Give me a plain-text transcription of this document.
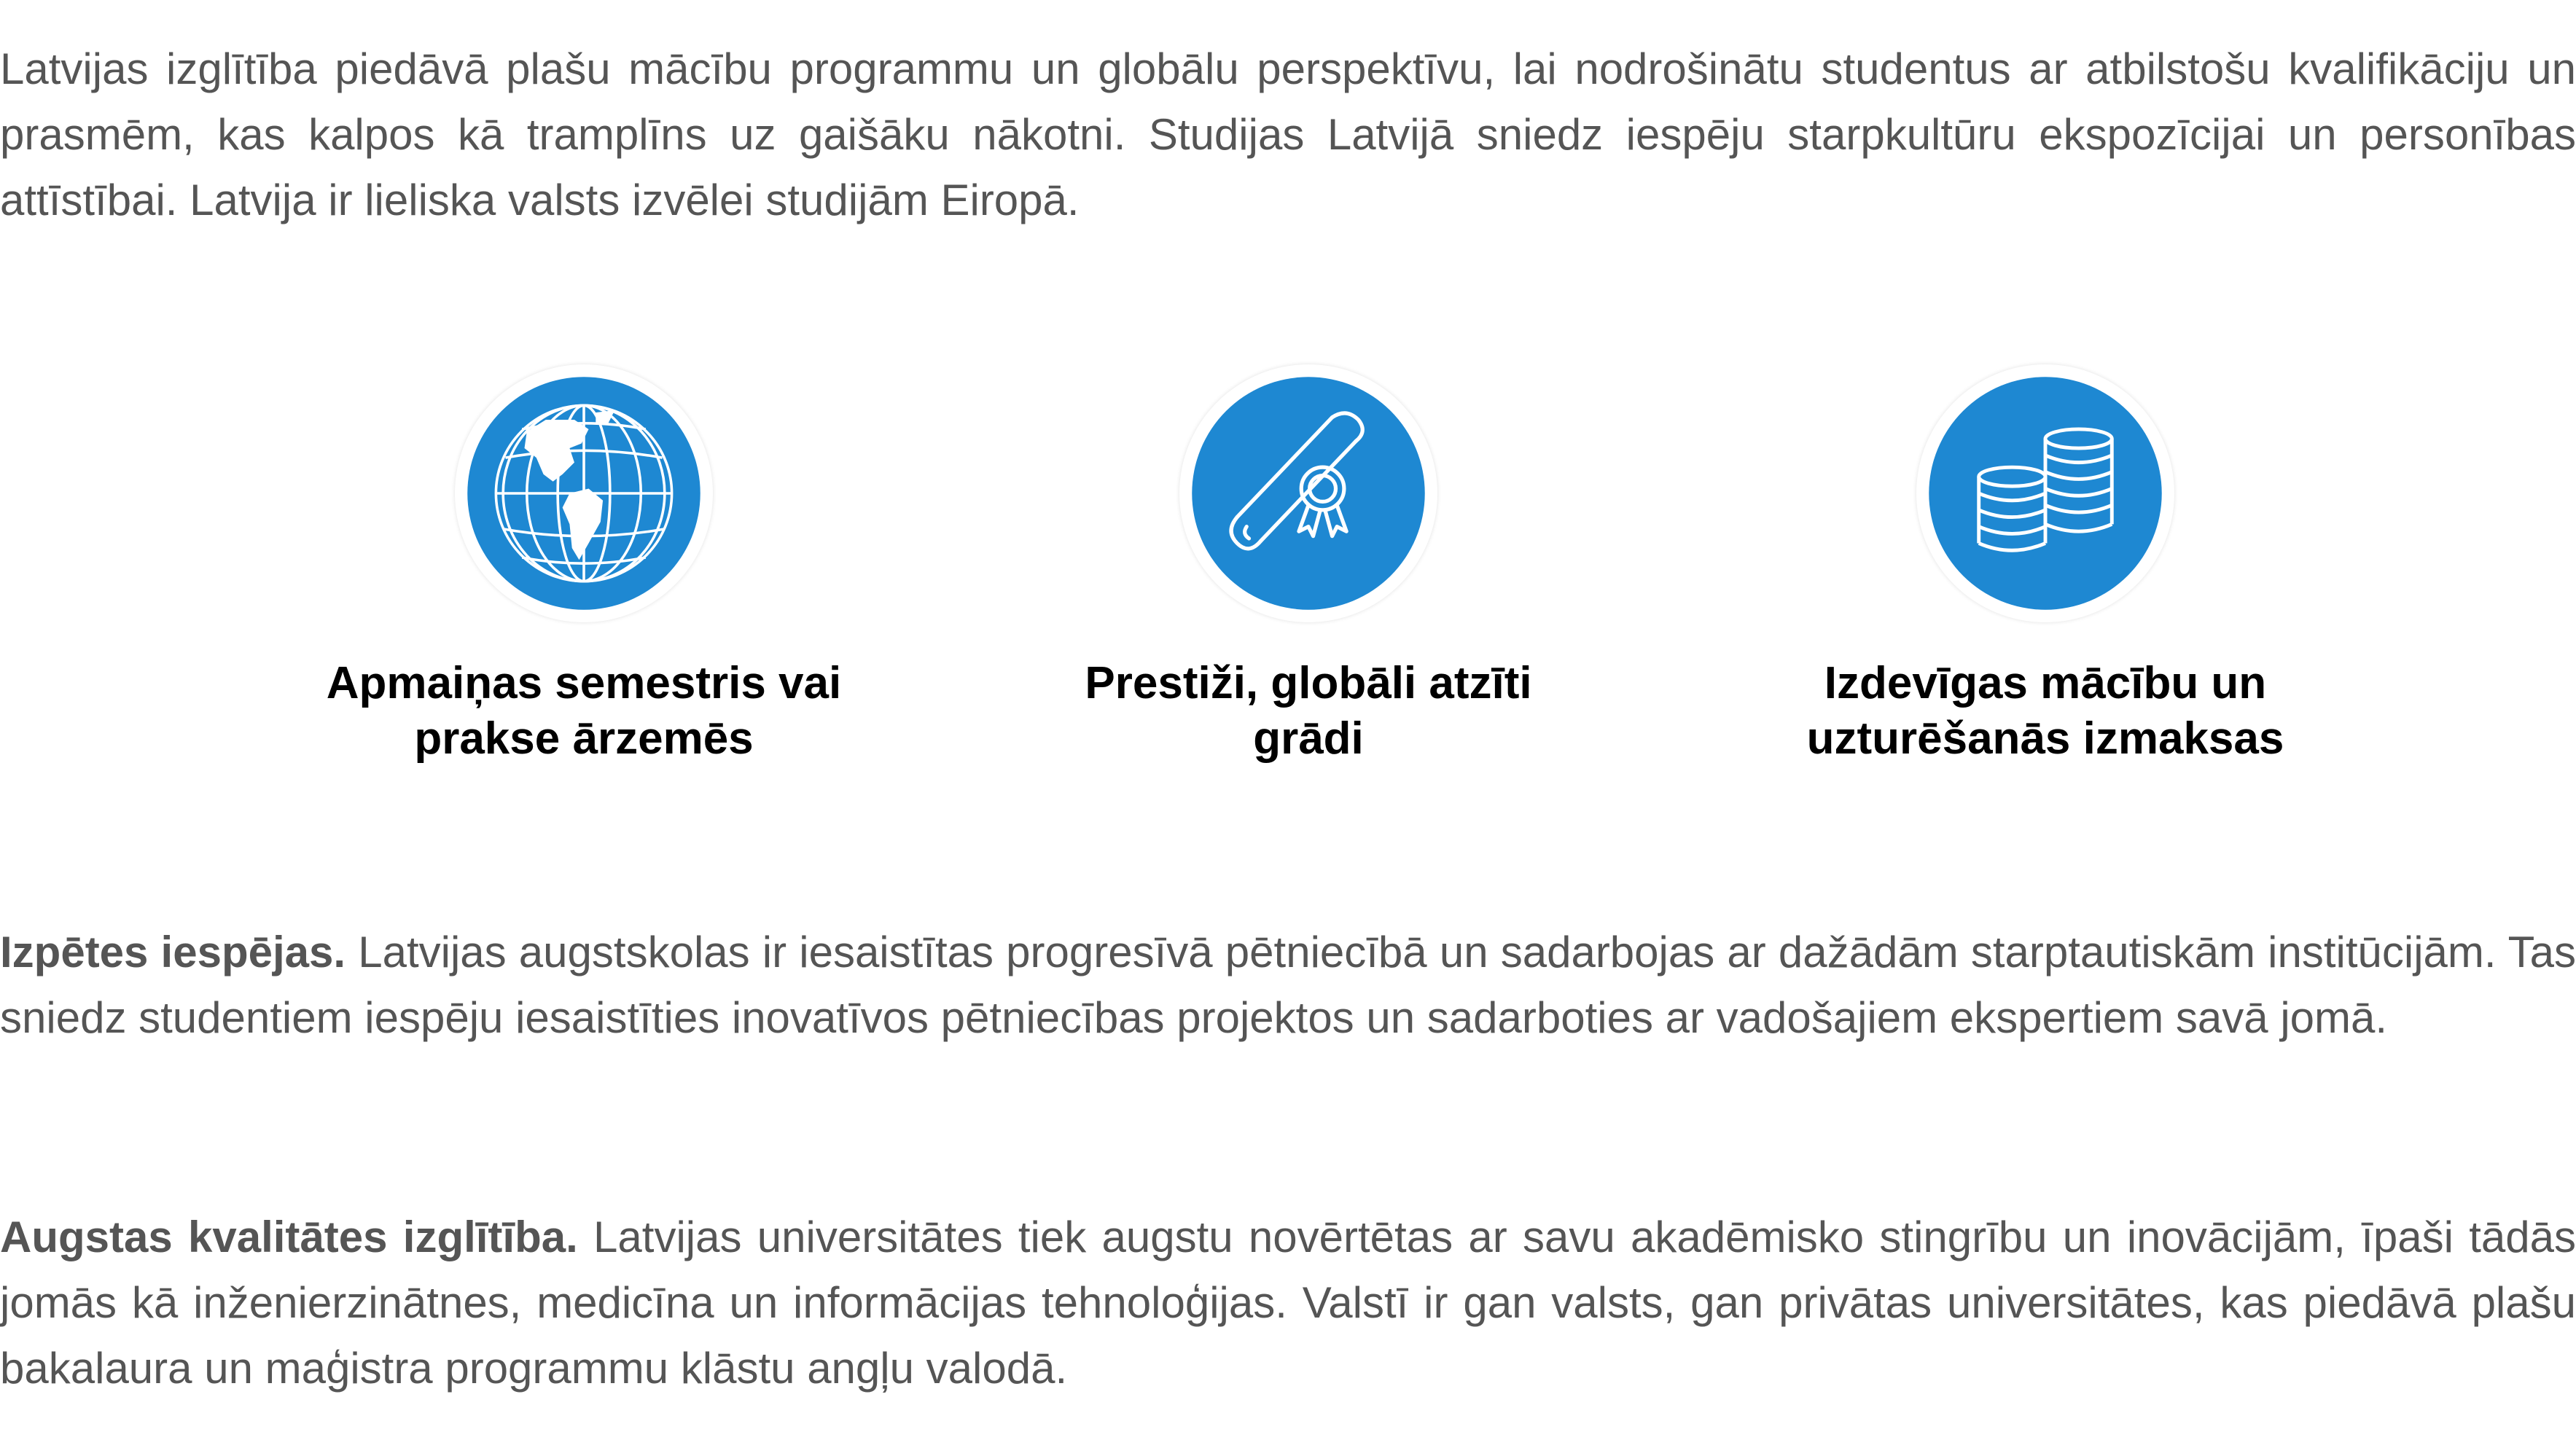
Latvijas izglītība piedāvā plašu mācību programmu un globālu perspektīvu, lai nodrošinātu studentus ar atbilstošu kvalifikāciju un prasmēm, kas kalpos kā tramplīns uz gaišāku nākotni. Studijas Latvijā sniedz iespēju starpkultūru ekspozīcijai un personības attīstībai. Latvija ir lieliska valsts izvēlei studijām Eiropā.

Apmaiņas semestris vai
prakse ārzemēs
Prestiži, globāli atzīti
grādi
Izdevīgas mācību un
uzturēšanās izmaksas

Izpētes iespējas. Latvijas augstskolas ir iesaistītas progresīvā pētniecībā un sadarbojas ar dažādām starptautiskām institūcijām. Tas sniedz studentiem iespēju iesaistīties inovatīvos pētniecības projektos un sadarboties ar vadošajiem ekspertiem savā jomā.

Augstas kvalitātes izglītība. Latvijas universitātes tiek augstu novērtētas ar savu akadēmisko stingrību un inovācijām, īpaši tādās jomās kā inženierzinātnes, medicīna un informācijas tehnoloģijas. Valstī ir gan valsts, gan privātas universitātes, kas piedāvā plašu bakalaura un maģistra programmu klāstu angļu valodā.
